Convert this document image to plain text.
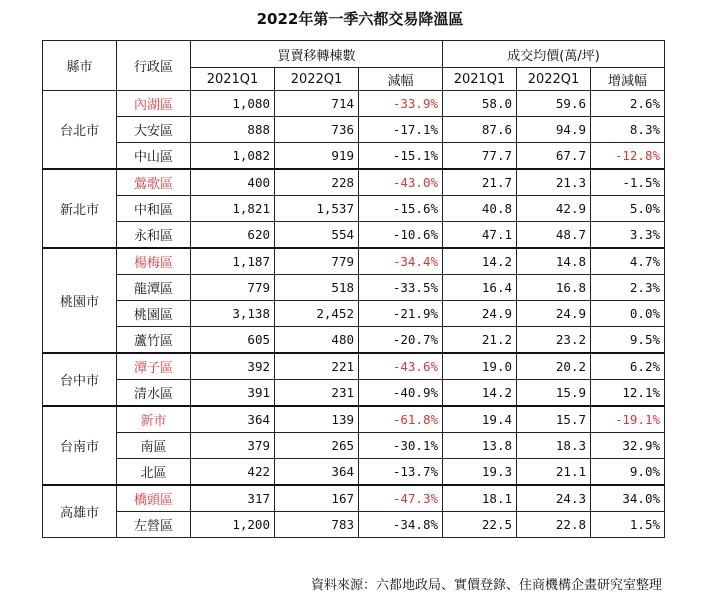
2022年第一季六都交易降溫區
縣市	行政區	買賣移轉棟數			成交均價(萬/坪)		
		2021Q1	2022Q1	減幅	2021Q1	2022Q1	增減幅
台北市	內湖區	1,080	714	-33.9%	58.0	59.6	2.6%
	大安區	888	736	-17.1%	87.6	94.9	8.3%
	中山區	1,082	919	-15.1%	77.7	67.7	-12.8%
新北市	鶯歌區	400	228	-43.0%	21.7	21.3	-1.5%
	中和區	1,821	1,537	-15.6%	40.8	42.9	5.0%
	永和區	620	554	-10.6%	47.1	48.7	3.3%
桃園市	楊梅區	1,187	779	-34.4%	14.2	14.8	4.7%
	龍潭區	779	518	-33.5%	16.4	16.8	2.3%
	桃園區	3,138	2,452	-21.9%	24.9	24.9	0.0%
	蘆竹區	605	480	-20.7%	21.2	23.2	9.5%
台中市	潭子區	392	221	-43.6%	19.0	20.2	6.2%
	清水區	391	231	-40.9%	14.2	15.9	12.1%
台南市	新市	364	139	-61.8%	19.4	15.7	-19.1%
	南區	379	265	-30.1%	13.8	18.3	32.9%
	北區	422	364	-13.7%	19.3	21.1	9.0%
高雄市	橋頭區	317	167	-47.3%	18.1	24.3	34.0%
	左營區	1,200	783	-34.8%	22.5	22.8	1.5%
資料來源：六都地政局、實價登錄、住商機構企畫研究室整理
